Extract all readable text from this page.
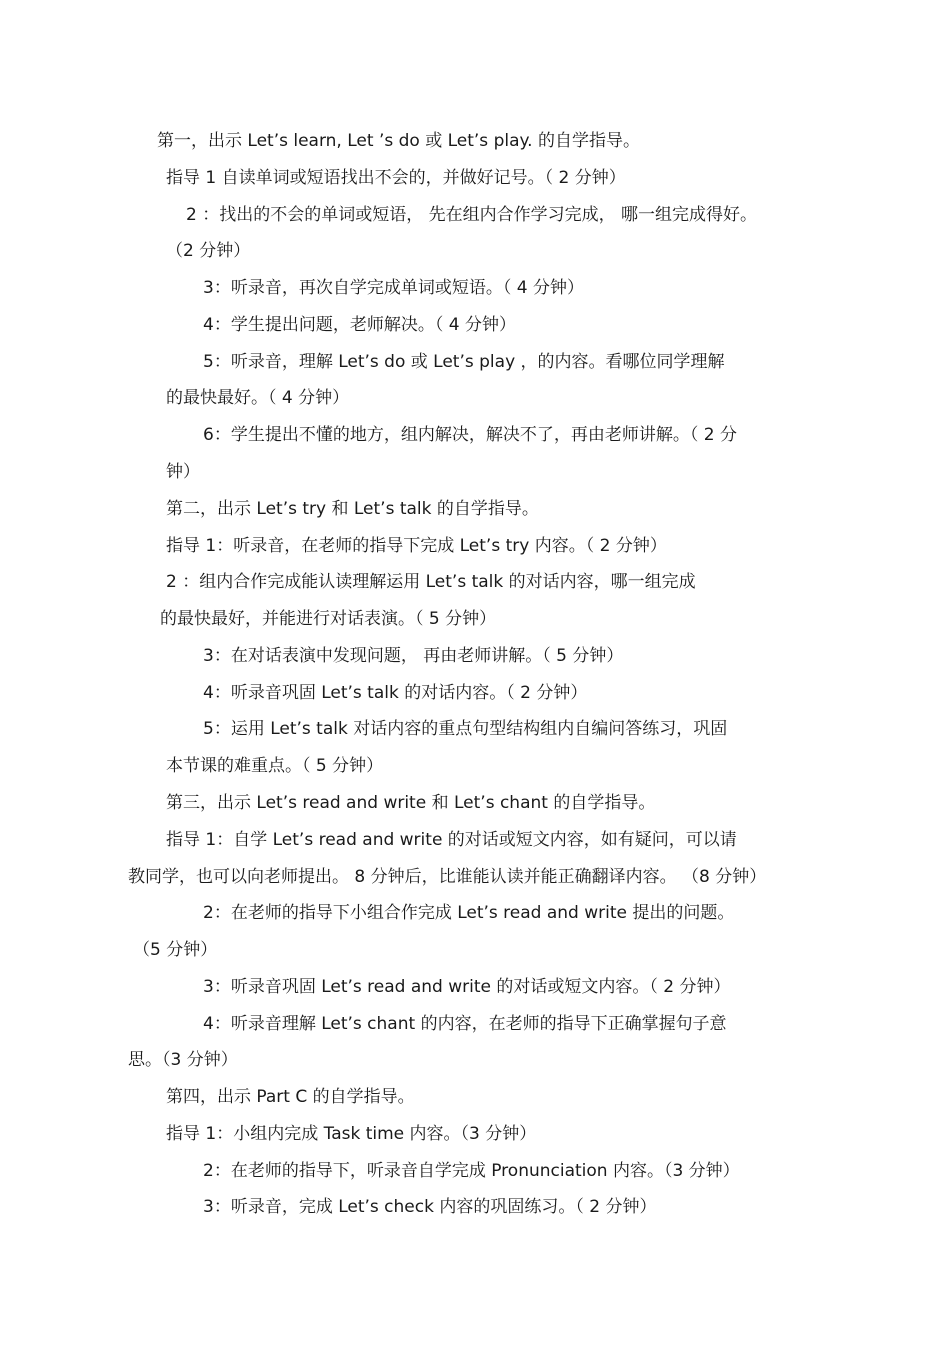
第一，出示 Let’s learn, Let ’s do 或 Let’s play. 的自学指导。
指导 1 自读单词或短语找出不会的，并做好记号。（ 2 分钟）
2 ：找出的不会的单词或短语， 先在组内合作学习完成， 哪一组完成得好。
（2 分钟）
3：听录音，再次自学完成单词或短语。（ 4 分钟）
4：学生提出问题，老师解决。（ 4 分钟）
5：听录音，理解 Let’s do 或 Let’s play ，的内容。看哪位同学理解
的最快最好。（ 4 分钟）
6：学生提出不懂的地方，组内解决，解决不了，再由老师讲解。（ 2 分
钟）
第二，出示 Let’s try 和 Let’s talk 的自学指导。
指导 1：听录音，在老师的指导下完成 Let’s try 内容。（ 2 分钟）
2 ：组内合作完成能认读理解运用 Let’s talk 的对话内容，哪一组完成
的最快最好，并能进行对话表演。（ 5 分钟）
3：在对话表演中发现问题， 再由老师讲解。（ 5 分钟）
4：听录音巩固 Let’s talk 的对话内容。（ 2 分钟）
5：运用 Let’s talk 对话内容的重点句型结构组内自编问答练习，巩固
本节课的难重点。（ 5 分钟）
第三，出示 Let’s read and write 和 Let’s chant 的自学指导。
指导 1：自学 Let’s read and write 的对话或短文内容，如有疑问，可以请
教同学，也可以向老师提出。 8 分钟后，比谁能认读并能正确翻译内容。 （8 分钟）
2：在老师的指导下小组合作完成 Let’s read and write 提出的问题。
（5 分钟）
3：听录音巩固 Let’s read and write 的对话或短文内容。（ 2 分钟）
4：听录音理解 Let’s chant 的内容，在老师的指导下正确掌握句子意
思。（3 分钟）
第四，出示 Part C 的自学指导。
指导 1：小组内完成 Task time 内容。（3 分钟）
2：在老师的指导下，听录音自学完成 Pronunciation 内容。（3 分钟）
3：听录音，完成 Let’s check 内容的巩固练习。（ 2 分钟）
